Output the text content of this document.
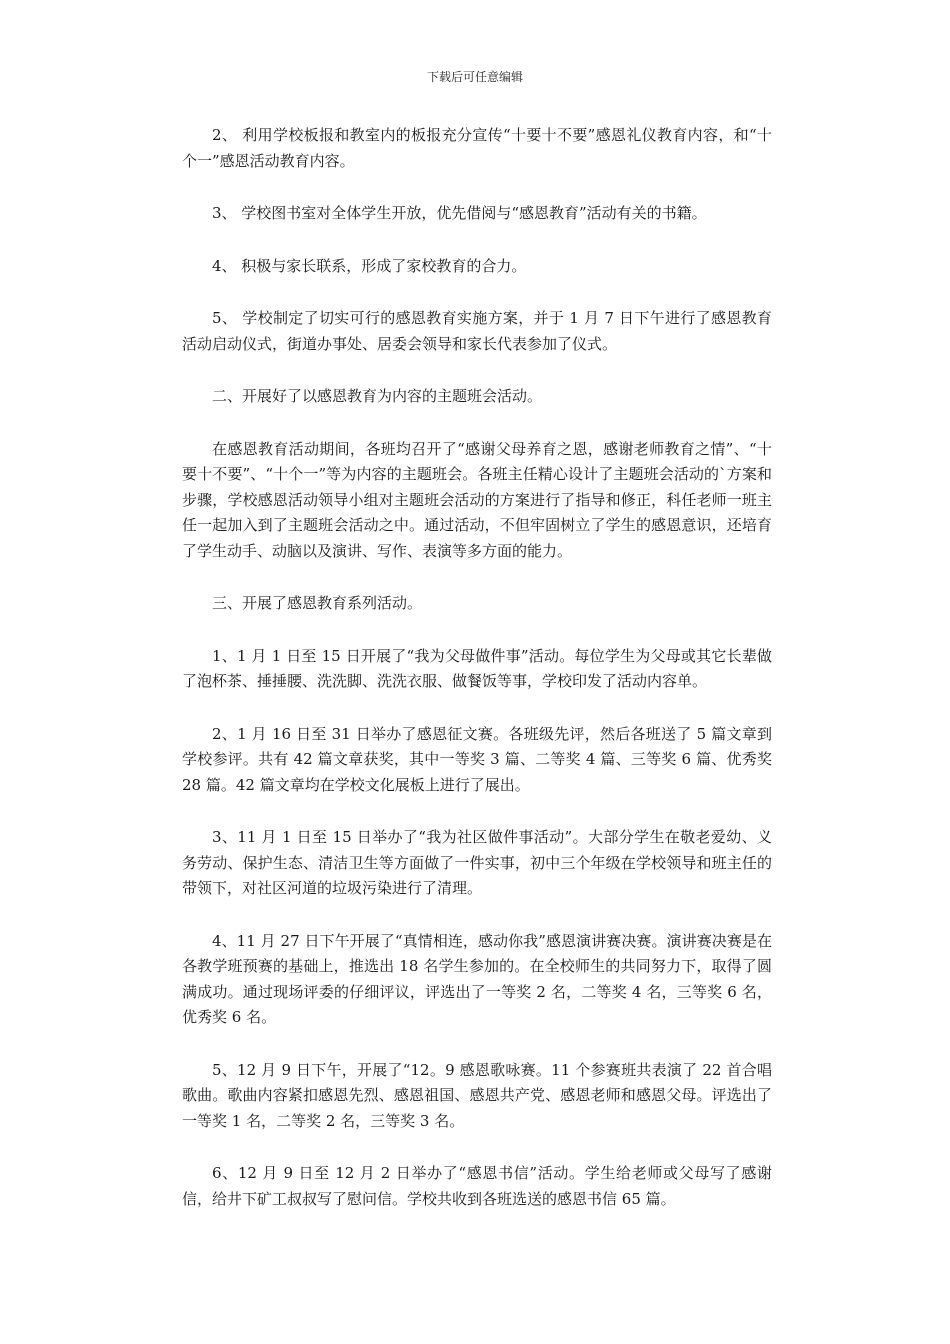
下载后可任意编辑

2、 利用学校板报和教室内的板报充分宣传“十要十不要”感恩礼仪教育内容，和“十个一”感恩活动教育内容。

3、 学校图书室对全体学生开放，优先借阅与“感恩教育”活动有关的书籍。

4、 积极与家长联系，形成了家校教育的合力。

5、 学校制定了切实可行的感恩教育实施方案，并于 1 月 7 日下午进行了感恩教育活动启动仪式，街道办事处、居委会领导和家长代表参加了仪式。

二、开展好了以感恩教育为内容的主题班会活动。

在感恩教育活动期间，各班均召开了“感谢父母养育之恩，感谢老师教育之情”、“十要十不要”、“十个一”等为内容的主题班会。各班主任精心设计了主题班会活动的`方案和步骤，学校感恩活动领导小组对主题班会活动的方案进行了指导和修正，科任老师一班主任一起加入到了主题班会活动之中。通过活动，不但牢固树立了学生的感恩意识，还培育了学生动手、动脑以及演讲、写作、表演等多方面的能力。

三、开展了感恩教育系列活动。

1、1 月 1 日至 15 日开展了“我为父母做件事”活动。每位学生为父母或其它长辈做了泡杯茶、捶捶腰、洗洗脚、洗洗衣服、做餐饭等事，学校印发了活动内容单。

2、1 月 16 日至 31 日举办了感恩征文赛。各班级先评，然后各班送了 5 篇文章到学校参评。共有 42 篇文章获奖，其中一等奖 3 篇、二等奖 4 篇、三等奖 6 篇、优秀奖 28 篇。42 篇文章均在学校文化展板上进行了展出。

3、11 月 1 日至 15 日举办了“我为社区做件事活动”。大部分学生在敬老爱幼、义务劳动、保护生态、清洁卫生等方面做了一件实事，初中三个年级在学校领导和班主任的带领下，对社区河道的垃圾污染进行了清理。

4、11 月 27 日下午开展了“真情相连，感动你我”感恩演讲赛决赛。演讲赛决赛是在各教学班预赛的基础上，推选出 18 名学生参加的。在全校师生的共同努力下，取得了圆满成功。通过现场评委的仔细评议，评选出了一等奖 2 名，二等奖 4 名，三等奖 6 名，优秀奖 6 名。

5、12 月 9 日下午，开展了“12。9 感恩歌咏赛。11 个参赛班共表演了 22 首合唱歌曲。歌曲内容紧扣感恩先烈、感恩祖国、感恩共产党、感恩老师和感恩父母。评选出了一等奖 1 名，二等奖 2 名，三等奖 3 名。

6、12 月 9 日至 12 月 2 日举办了“感恩书信”活动。学生给老师或父母写了感谢信，给井下矿工叔叔写了慰问信。学校共收到各班选送的感恩书信 65 篇。
